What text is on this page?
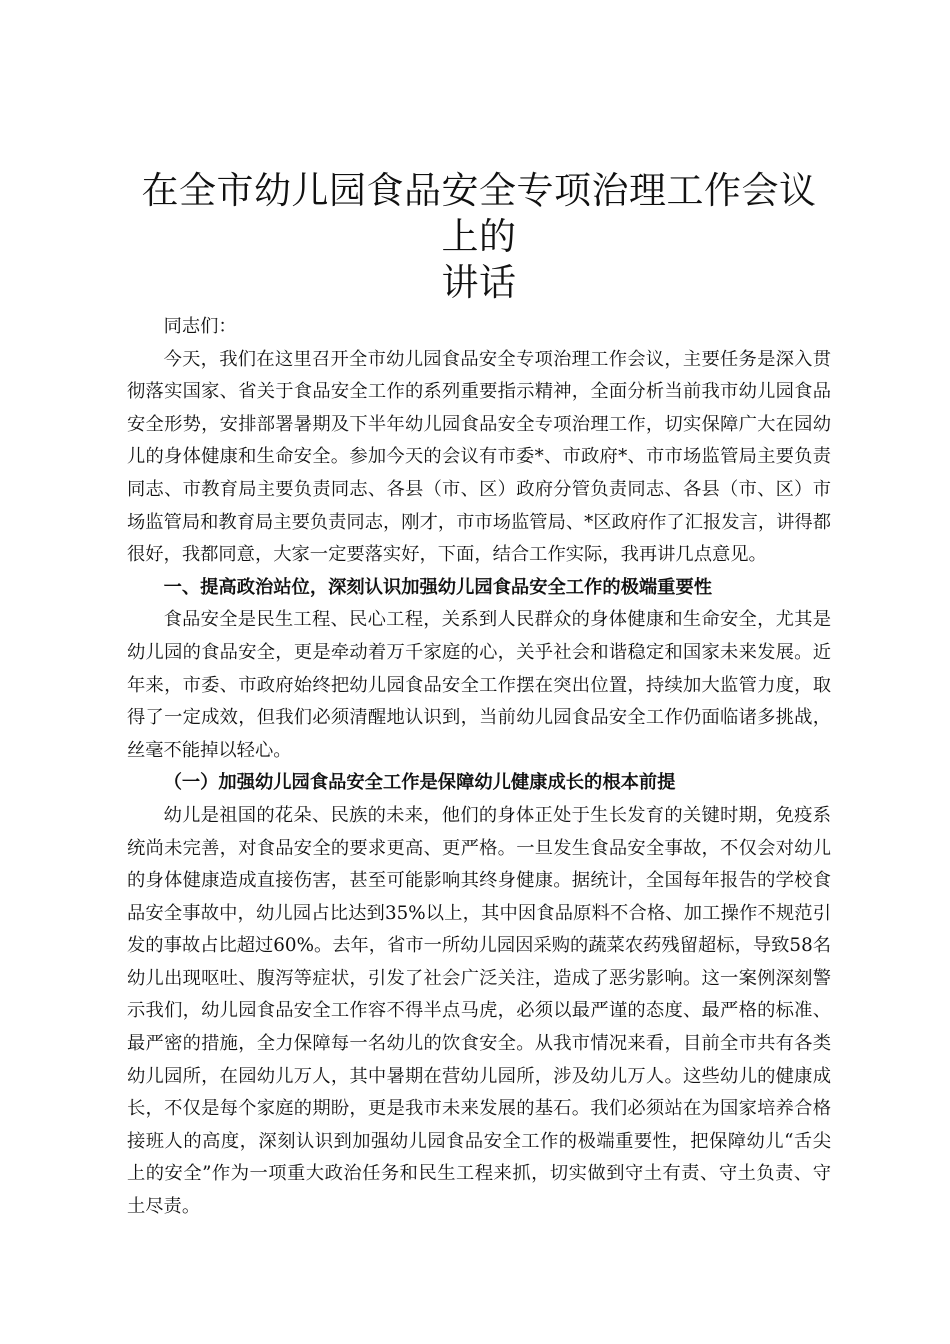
在全市幼儿园食品安全专项治理工作会议上的
讲话

同志们：

今天，我们在这里召开全市幼儿园食品安全专项治理工作会议，主要任务是深入贯彻落实国家、省关于食品安全工作的系列重要指示精神，全面分析当前我市幼儿园食品安全形势，安排部署暑期及下半年幼儿园食品安全专项治理工作，切实保障广大在园幼儿的身体健康和生命安全。参加今天的会议有市委*、市政府*、市市场监管局主要负责同志、市教育局主要负责同志、各县（市、区）政府分管负责同志、各县（市、区）市场监管局和教育局主要负责同志，刚才，市市场监管局、*区政府作了汇报发言，讲得都很好，我都同意，大家一定要落实好，下面，结合工作实际，我再讲几点意见。

一、提高政治站位，深刻认识加强幼儿园食品安全工作的极端重要性

食品安全是民生工程、民心工程，关系到人民群众的身体健康和生命安全，尤其是幼儿园的食品安全，更是牵动着万千家庭的心，关乎社会和谐稳定和国家未来发展。近年来，市委、市政府始终把幼儿园食品安全工作摆在突出位置，持续加大监管力度，取得了一定成效，但我们必须清醒地认识到，当前幼儿园食品安全工作仍面临诸多挑战，丝毫不能掉以轻心。

（一）加强幼儿园食品安全工作是保障幼儿健康成长的根本前提

幼儿是祖国的花朵、民族的未来，他们的身体正处于生长发育的关键时期，免疫系统尚未完善，对食品安全的要求更高、更严格。一旦发生食品安全事故，不仅会对幼儿的身体健康造成直接伤害，甚至可能影响其终身健康。据统计，全国每年报告的学校食品安全事故中，幼儿园占比达到35%以上，其中因食品原料不合格、加工操作不规范引发的事故占比超过60%。去年，省市一所幼儿园因采购的蔬菜农药残留超标，导致58名幼儿出现呕吐、腹泻等症状，引发了社会广泛关注，造成了恶劣影响。这一案例深刻警示我们，幼儿园食品安全工作容不得半点马虎，必须以最严谨的态度、最严格的标准、最严密的措施，全力保障每一名幼儿的饮食安全。从我市情况来看，目前全市共有各类幼儿园所，在园幼儿万人，其中暑期在营幼儿园所，涉及幼儿万人。这些幼儿的健康成长，不仅是每个家庭的期盼，更是我市未来发展的基石。我们必须站在为国家培养合格接班人的高度，深刻认识到加强幼儿园食品安全工作的极端重要性，把保障幼儿“舌尖上的安全”作为一项重大政治任务和民生工程来抓，切实做到守土有责、守土负责、守土尽责。
